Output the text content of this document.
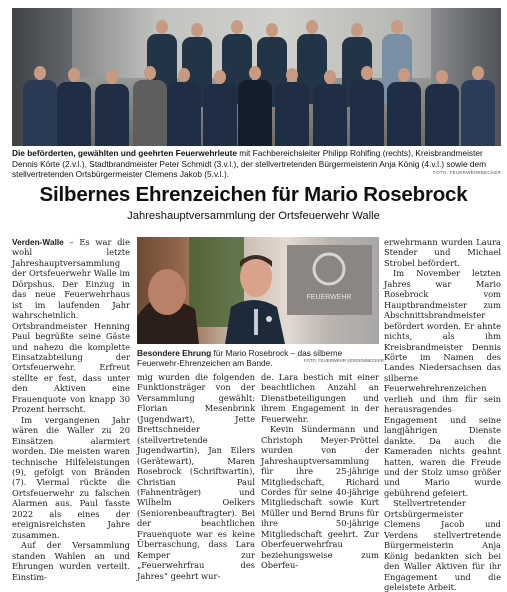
Die beförderten, gewählten und geehrten Feuerwehrleute mit Fachbereichsleiter Philipp Rohlfing (rechts), Kreisbrandmeister Dennis Körte (2.v.l.), Stadtbrandmeister Peter Schmidt (3.v.l.), der stellvertretenden Bürgermeisterin Anja König (4.v.l.) sowie dem stellvertretenden Ortsbürgermeister Clemens Jakob (5.v.l.).	FOTO: FEUERWEHRBECKER
Silbernes Ehrenzeichen für Mario Rosebrock
Jahreshauptversammlung der Ortsfeuerwehr Walle

Verden-Walle – Es war die wohl letzte Jahreshauptversammlung der Ortsfeuerwehr Walle im Dörpshus. Der Einzug in das neue Feuerwehrhaus ist im laufenden Jahr wahrscheinlich. Ortsbrandmeister Henning Paul begrüßte seine Gäste und nahezu die komplette Einsatzabteilung der Ortsfeuerwehr. Erfreut stellte er fest, dass unter den Aktiven eine Frauenquote von knapp 30 Prozent herrscht.

Im vergangenen Jahr wären die Waller zu 20 Einsätzen alarmiert worden. Die meisten waren technische Hilfeleistungen (9), gefolgt von Bränden (7). Viermal rückte die Ortsfeuerwehr zu falschen Alarmen aus. Paul fasste 2022 als eines der ereignisreichsten Jahre zusammen.

Auf der Versammlung standen Wahlen an und Ehrungen wurden verteilt. Einstim-

FEUERWEHR
Besondere Ehrung für Mario Rosebrock – das silberne Feuerwehr-Ehrenzeichen am Bande.	FOTO: FEUERWEHR VERDEN/BECKER

mig wurden die folgenden Funktionsträger von der Versammlung gewählt: Florian Mesenbrink (Jugendwart), Jette Brettschneider (stellvertretende Jugendwartin), Jan Eilers (Gerätewart), Maren Rosebrock (Schriftwartin), Christian Paul (Fahnenträger) und Wilhelm Oelkers (Seniorenbeauftragter). Bei der beachtlichen Frauenquote war es keine Überraschung, dass Lara Kemper zur „Feuerwehrfrau des Jahres“ geehrt wur-

de. Lara bestich mit einer beachtlichen Anzahl an Dienstbeteiligungen und ihrem Engagement in der Feuerwehr.

Kevin Sündermann und Christoph Meyer-Pröttel wurden von der Jahreshauptversammlung für ihre 25-jährige Mitgliedschaft, Richard Cordes für seine 40-jährige Mitgliedschaft sowie Kurt Müller und Bernd Bruns für ihre 50-jährige Mitgliedschaft geehrt. Zur Oberfeuerwehrfrau beziehungsweise zum Oberfeu-

erwehrmann wurden Laura Stender und Michael Strobel befördert.

Im November letzten Jahres war Mario Rosebrock vom Hauptbrandmeister zum Abschnittsbrandmeister befördert worden. Er ahnte nichts, als ihm Kreisbrandmeister Dennis Körte im Namen des Landes Niedersachsen das silberne Feuerwehrehrenzeichen verlieh und ihm für sein herausragendes Engagement und seine langjährigen Dienste dankte. Da auch die Kameraden nichts geahnt hatten, waren die Freude und der Stolz umso größer und Mario wurde gebührend gefeiert.

Stellvertretender Ortsbürgermeister Clemens Jacob und Verdens stellvertretende Bürgermeisterin Anja König bedankten sich bei den Waller Aktiven für ihr Engagement und die geleistete Arbeit.
